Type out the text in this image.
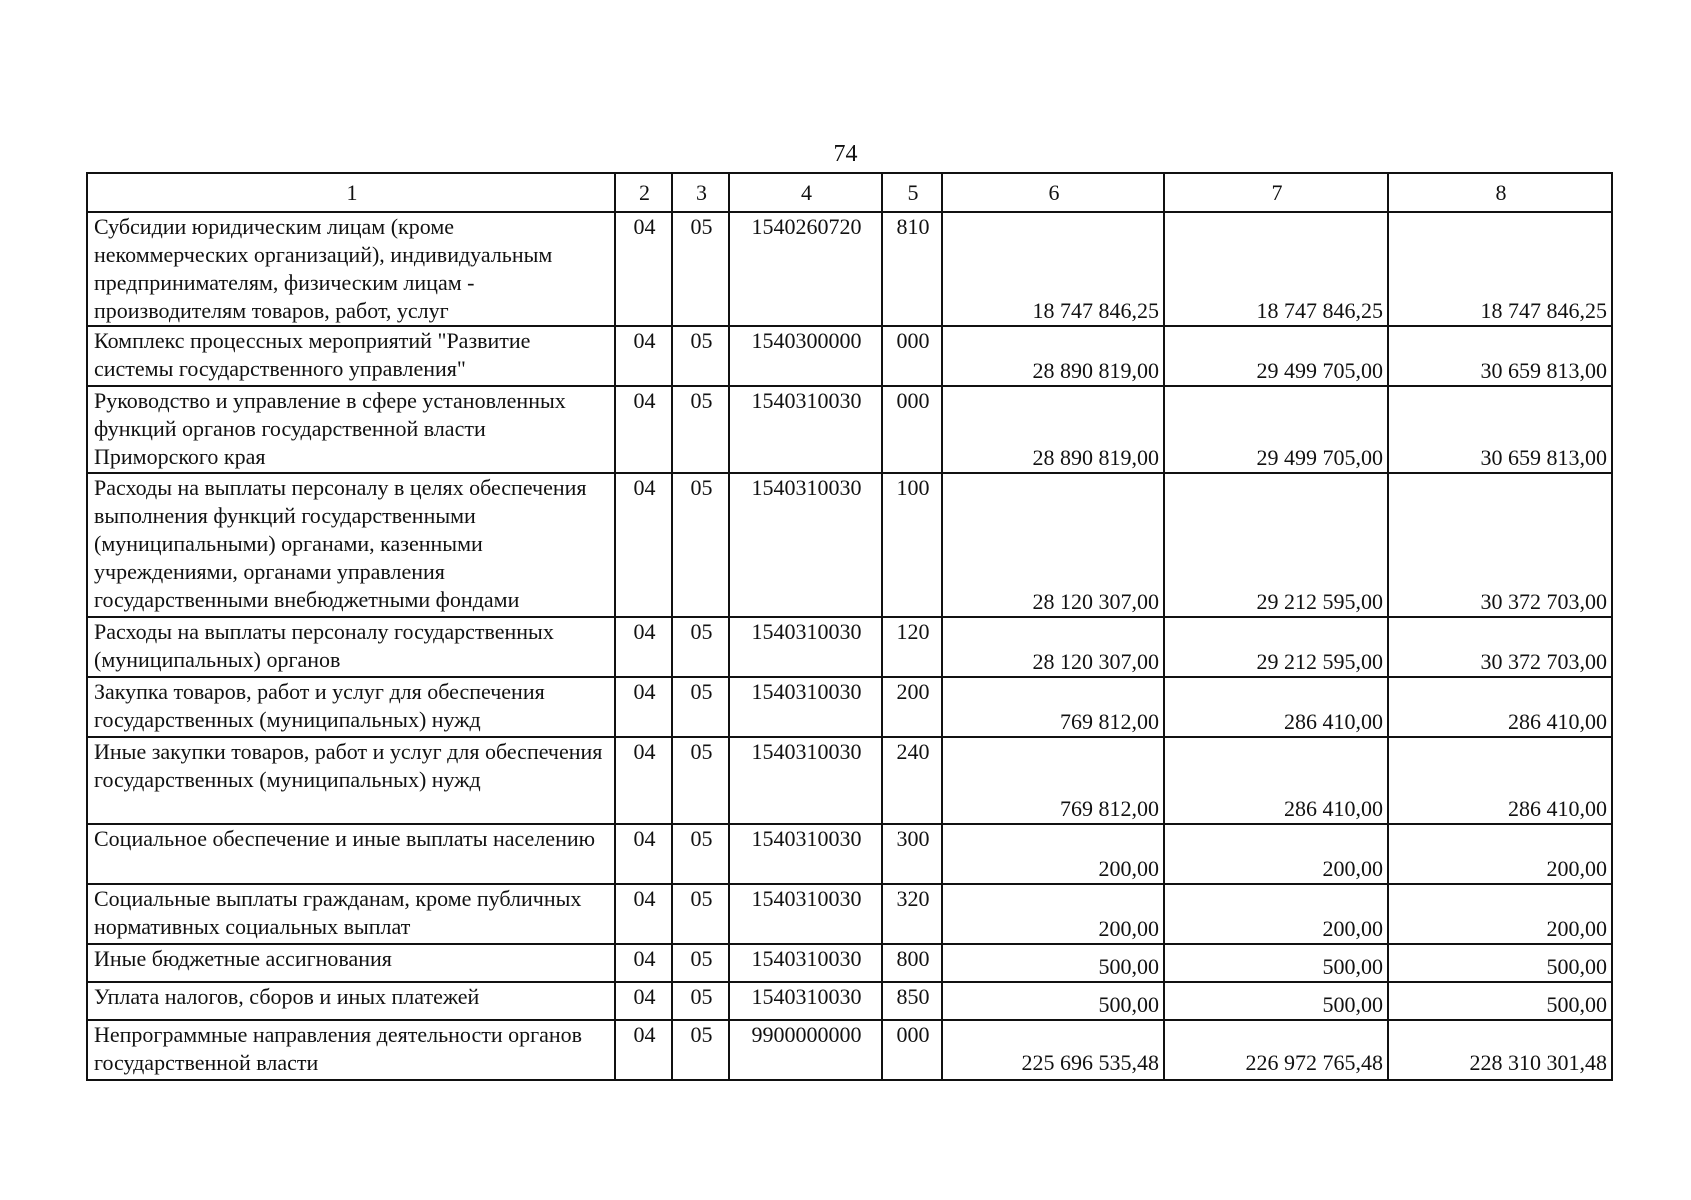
74
1	2	3	4	5	6	7	8
Субсидии юридическим лицам (кроме некоммерческих организаций), индивидуальным предпринимателям, физическим лицам - производителям товаров, работ, услуг	04	05	1540260720	810	18 747 846,25	18 747 846,25	18 747 846,25
Комплекс процессных мероприятий "Развитие системы государственного управления"	04	05	1540300000	000	28 890 819,00	29 499 705,00	30 659 813,00
Руководство и управление в сфере установленных функций органов государственной власти Приморского края	04	05	1540310030	000	28 890 819,00	29 499 705,00	30 659 813,00
Расходы на выплаты персоналу в целях обеспечения выполнения функций государственными (муниципальными) органами, казенными учреждениями, органами управления государственными внебюджетными фондами	04	05	1540310030	100	28 120 307,00	29 212 595,00	30 372 703,00
Расходы на выплаты персоналу государственных (муниципальных) органов	04	05	1540310030	120	28 120 307,00	29 212 595,00	30 372 703,00
Закупка товаров, работ и услуг для обеспечения государственных (муниципальных) нужд	04	05	1540310030	200	769 812,00	286 410,00	286 410,00
Иные закупки товаров, работ и услуг для обеспечения государственных (муниципальных) нужд	04	05	1540310030	240	769 812,00	286 410,00	286 410,00
Социальное обеспечение и иные выплаты населению	04	05	1540310030	300	200,00	200,00	200,00
Социальные выплаты гражданам, кроме публичных нормативных социальных выплат	04	05	1540310030	320	200,00	200,00	200,00
Иные бюджетные ассигнования	04	05	1540310030	800	500,00	500,00	500,00
Уплата налогов, сборов и иных платежей	04	05	1540310030	850	500,00	500,00	500,00
Непрограммные направления деятельности органов государственной власти	04	05	9900000000	000	225 696 535,48	226 972 765,48	228 310 301,48
